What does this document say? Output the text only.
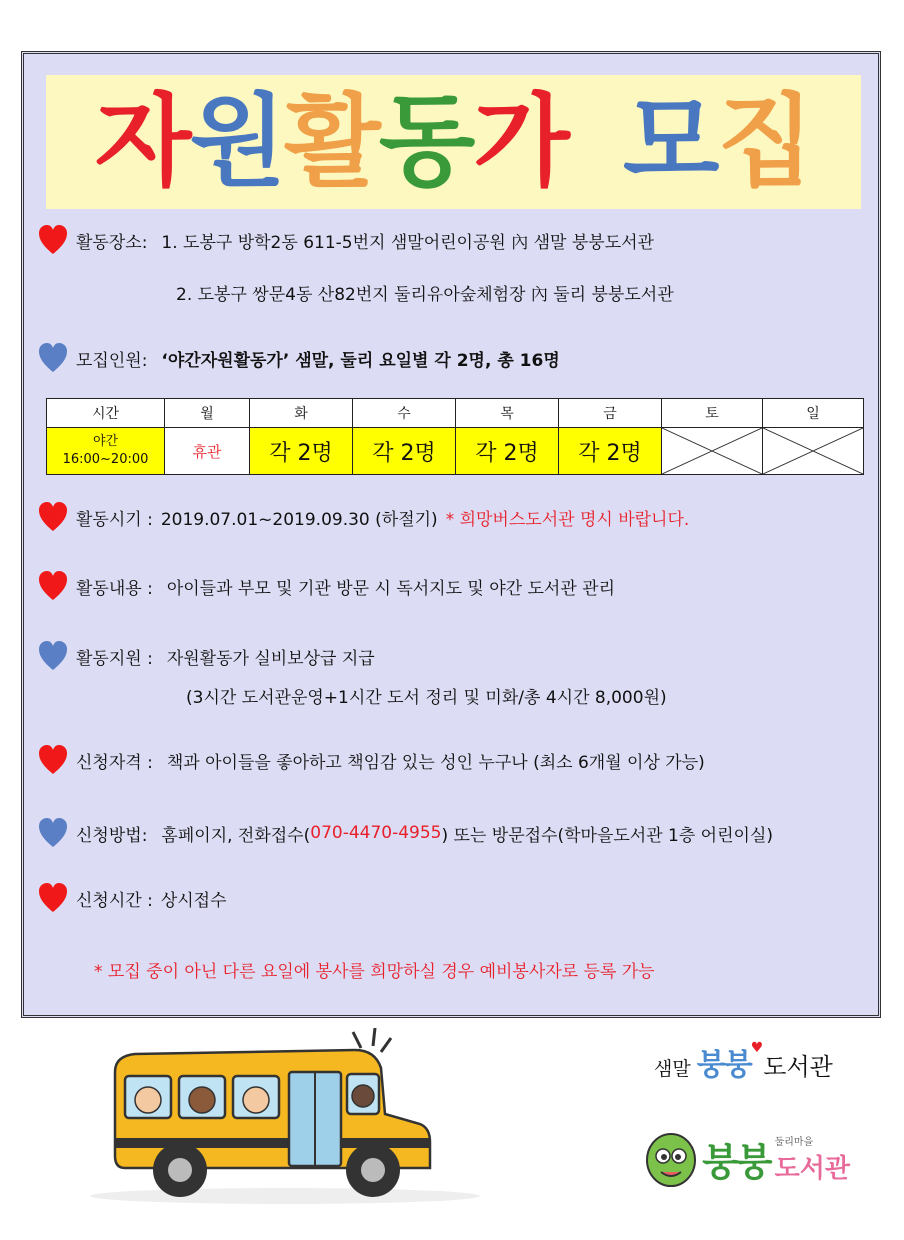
자원활동가 모집
활동장소: 1. 도봉구 방학2동 611-5번지 샘말어린이공원 內 샘말 붕붕도서관
2. 도봉구 쌍문4동 산82번지 둘리유아숲체험장 內 둘리 붕붕도서관
모집인원: ‘야간자원활동가’ 샘말, 둘리 요일별 각 2명, 총 16명
시간	월	화	수	목	금	토	일

야간
16:00~20:00	휴관	각 2명	각 2명	각 2명	각 2명	

활동시기 : 2019.07.01~2019.09.30 (하절기) * 희망버스도서관 명시 바랍니다.
활동내용 : 아이들과 부모 및 기관 방문 시 독서지도 및 야간 도서관 관리
활동지원 : 자원활동가 실비보상급 지급
(3시간 도서관운영+1시간 도서 정리 및 미화/총 4시간 8,000원)
신청자격 : 책과 아이들을 좋아하고 책임감 있는 성인 누구나 (최소 6개월 이상 가능)
신청방법: 홈페이지, 전화접수( 070-4470-4955 ) 또는 방문접수(학마을도서관 1층 어린이실)
신청시간 : 상시접수
* 모집 중이 아닌 다른 요일에 봉사를 희망하실 경우 예비봉사자로 등록 가능
샘말 붕붕♥도서관
붕붕 둘리마을
도서관
